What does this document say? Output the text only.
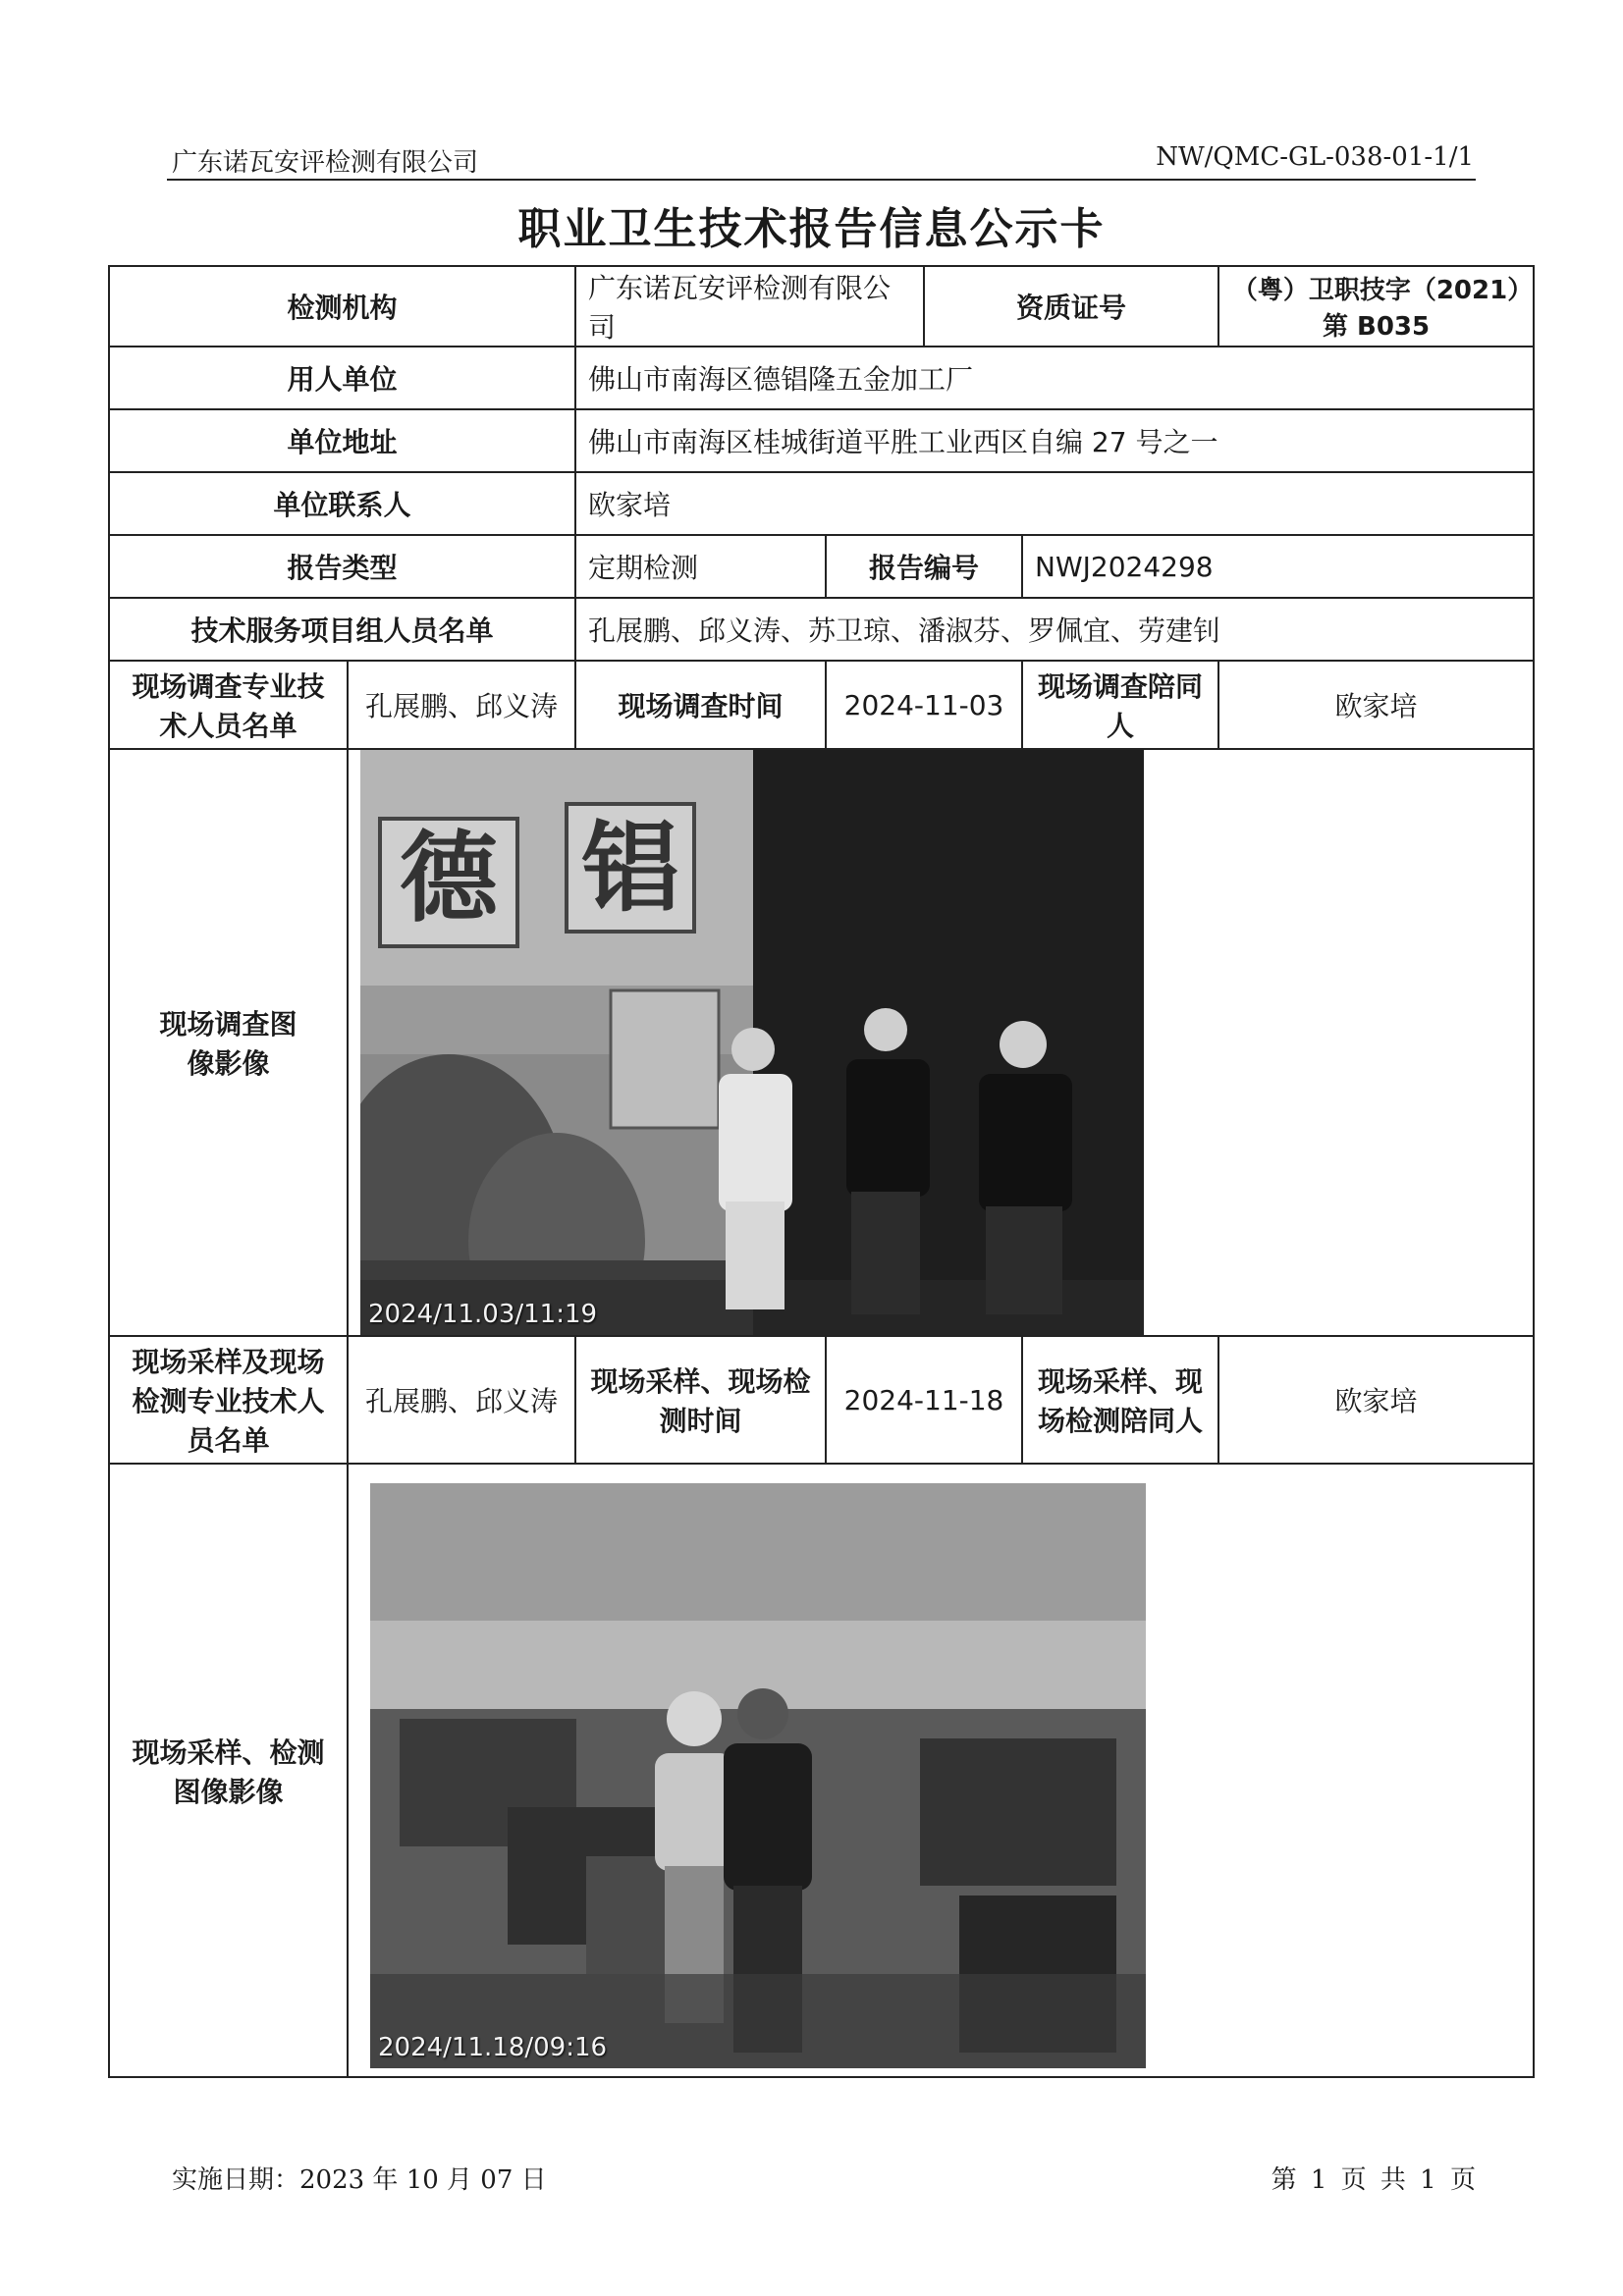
广东诺瓦安评检测有限公司	NW/QMC-GL-038-01-1/1
职业卫生技术报告信息公示卡
检测机构		广东诺瓦安评检测有限公司		资质证号		（粤）卫职技字（2021）第 B035
用人单位		佛山市南海区德锠隆五金加工厂				
单位地址		佛山市南海区桂城街道平胜工业西区自编 27 号之一				
单位联系人		欧家培				
报告类型		定期检测	报告编号		NWJ2024298	
技术服务项目组人员名单		孔展鹏、邱义涛、苏卫琼、潘淑芬、罗佩宜、劳建钊				
现场调查专业技术人员名单	孔展鹏、邱义涛	现场调查时间	2024-11-03		现场调查陪同人	欧家培
现场调查图像影像	德 锠
2024/11.03/11:19					

现场采样及现场检测专业技术人员名单	孔展鹏、邱义涛	现场采样、现场检测时间	2024-11-18		现场采样、现场检测陪同人	欧家培
现场采样、检测图像影像	2024/11.18/09:16					
实施日期：2023 年 10 月 07 日	第 1 页 共 1 页
